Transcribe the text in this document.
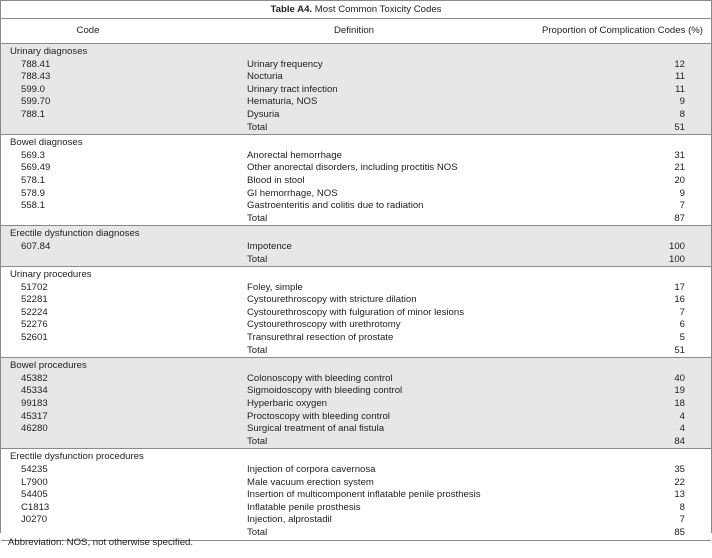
Table A4. Most Common Toxicity Codes
Code	Definition	Proportion of Complication Codes (%)
Urinary diagnoses
788.41	Urinary frequency	12
788.43	Nocturia	11
599.0	Urinary tract infection	11
599.70	Hematuria, NOS	9
788.1	Dysuria	8
Total	51
Bowel diagnoses
569.3	Anorectal hemorrhage	31
569.49	Other anorectal disorders, including proctitis NOS	21
578.1	Blood in stool	20
578.9	GI hemorrhage, NOS	9
558.1	Gastroenteritis and colitis due to radiation	7
Total	87
Erectile dysfunction diagnoses
607.84	Impotence	100
Total	100
Urinary procedures
51702	Foley, simple	17
52281	Cystourethroscopy with stricture dilation	16
52224	Cystourethroscopy with fulguration of minor lesions	7
52276	Cystourethroscopy with urethrotomy	6
52601	Transurethral resection of prostate	5
Total	51
Bowel procedures
45382	Colonoscopy with bleeding control	40
45334	Sigmoidoscopy with bleeding control	19
99183	Hyperbaric oxygen	18
45317	Proctoscopy with bleeding control	4
46280	Surgical treatment of anal fistula	4
Total	84
Erectile dysfunction procedures
54235	Injection of corpora cavernosa	35
L7900	Male vacuum erection system	22
54405	Insertion of multicomponent inflatable penile prosthesis	13
C1813	Inflatable penile prosthesis	8
J0270	Injection, alprostadil	7
Total	85
Abbreviation: NOS, not otherwise specified.
